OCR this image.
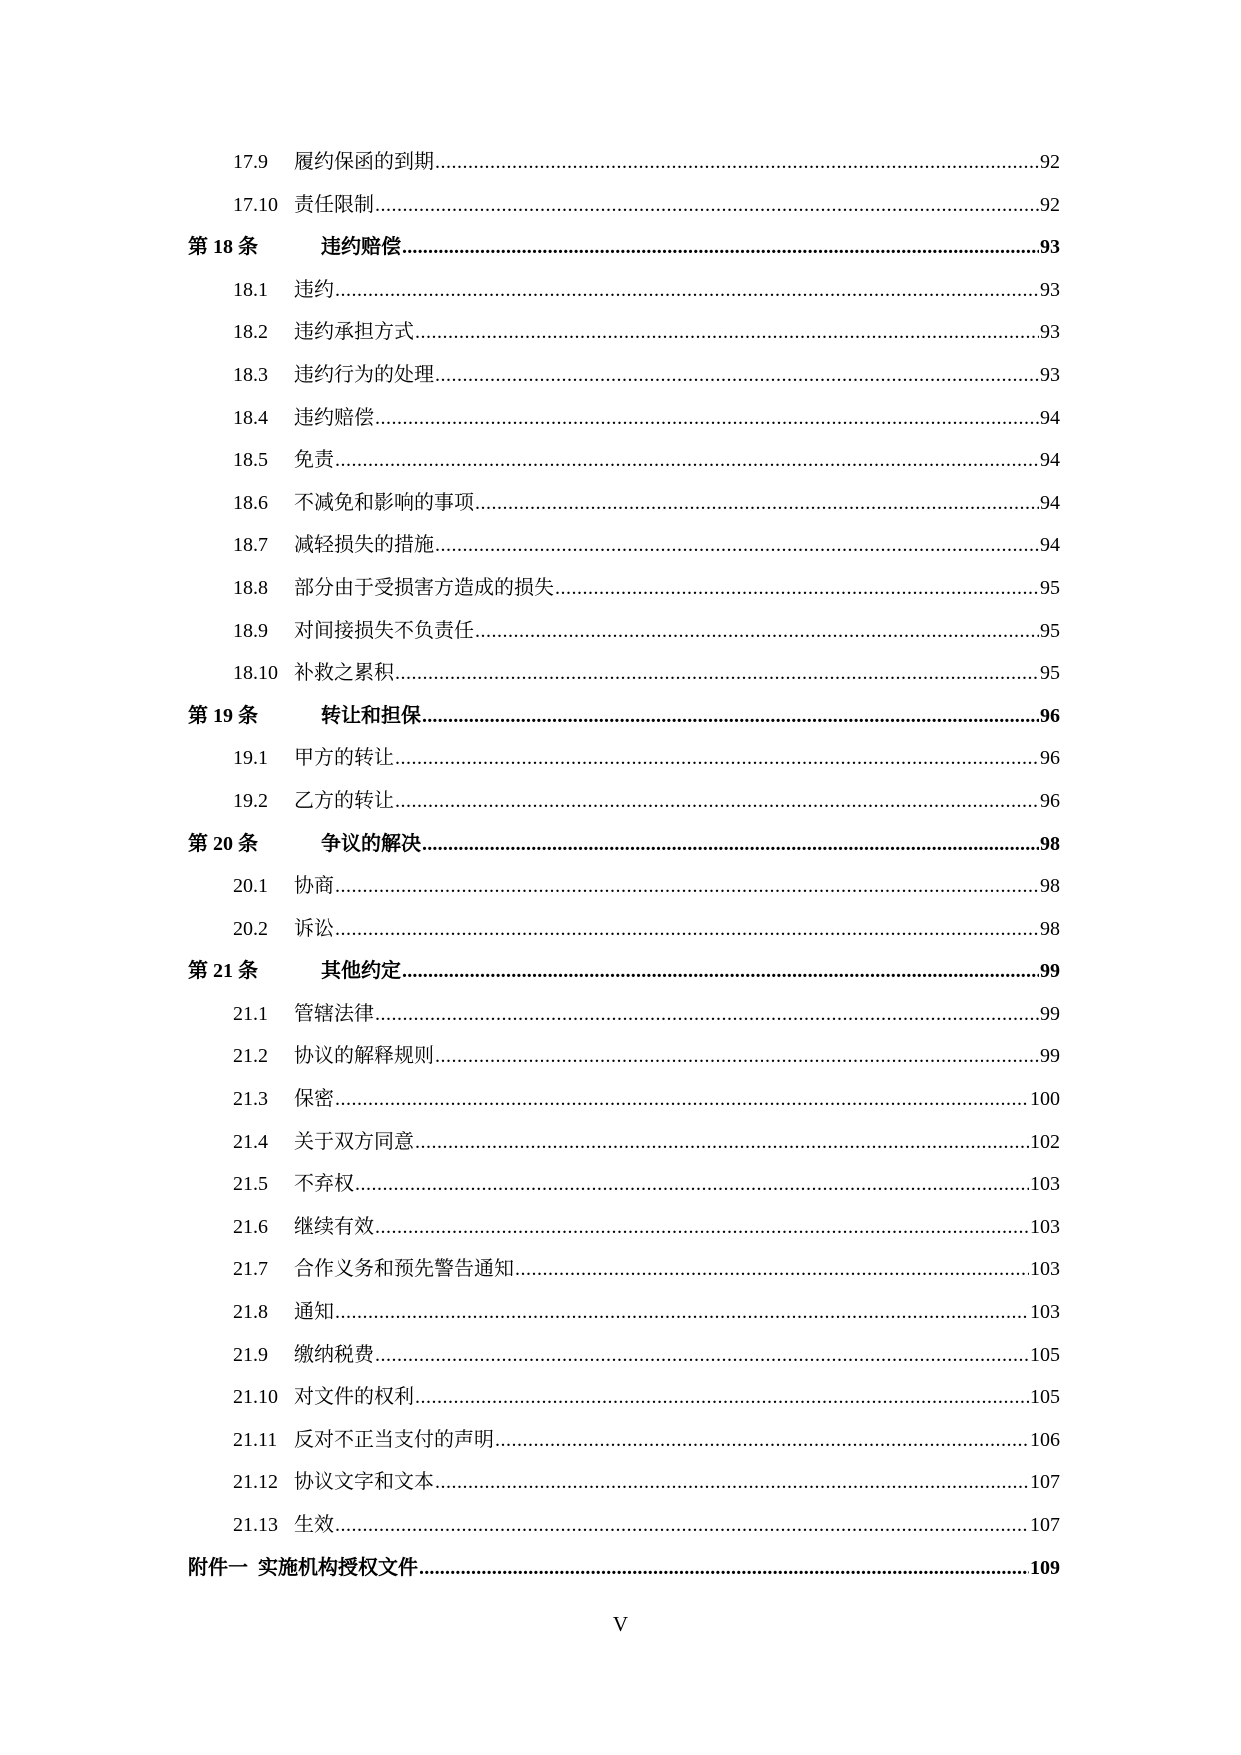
17.9	履约保函的到期 .....	92
17.10 责任限制 .....	92
第 18 条	违约赔偿 .....	93
18.1	违约 .....	93
18.2	违约承担方式 .....	93
18.3	违约行为的处理 .....	93
18.4	违约赔偿 .....	94
18.5	免责 .....	94
18.6	不减免和影响的事项 .....	94
18.7	减轻损失的措施 .....	94
18.8	部分由于受损害方造成的损失 .....	95
18.9	对间接损失不负责任 .....	95
18.10 补救之累积 .....	95
第 19 条	转让和担保 .....	96
19.1	甲方的转让 .....	96
19.2	乙方的转让 .....	96
第 20 条	争议的解决 .....	98
20.1	协商 .....	98
20.2	诉讼 .....	98
第 21 条	其他约定 .....	99
21.1	管辖法律 .....	99
21.2	协议的解释规则 .....	99
21.3	保密 .....	100
21.4	关于双方同意 .....	102
21.5	不弃权 .....	103
21.6	继续有效 .....	103
21.7	合作义务和预先警告通知 .....	103
21.8	通知 .....	103
21.9	缴纳税费 .....	105
21.10 对文件的权利 .....	105
21.11 反对不正当支付的声明 .....	106
21.12 协议文字和文本 .....	107
21.13 生效 .....	107
附件一 实施机构授权文件 .....	109
V
